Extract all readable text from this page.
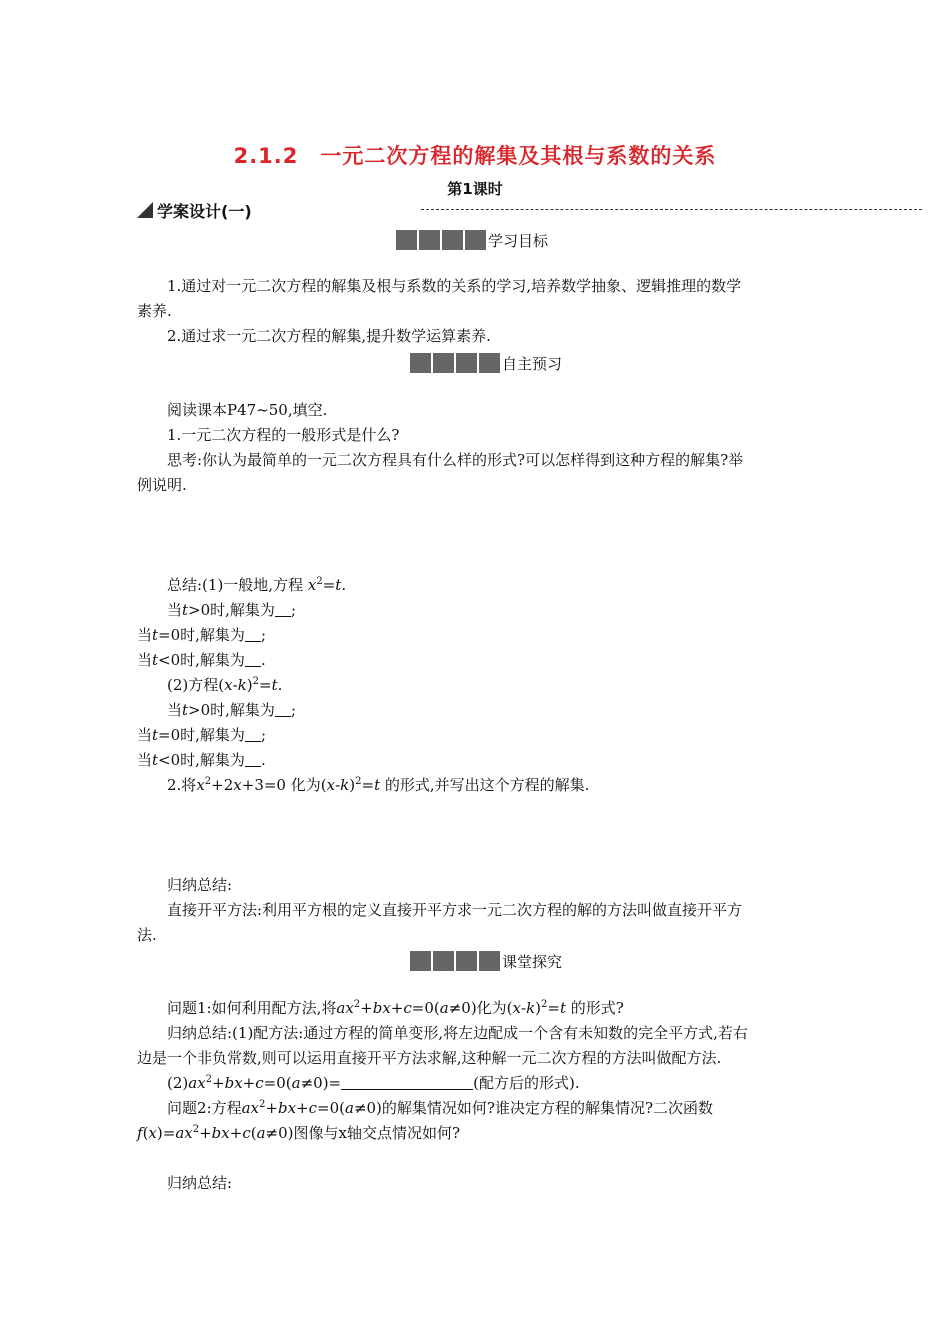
2.1.2　一元二次方程的解集及其根与系数的关系
第1课时
学案设计(一)
学习目标
1.通过对一元二次方程的解集及根与系数的关系的学习,培养数学抽象、逻辑推理的数学
素养.
2.通过求一元二次方程的解集,提升数学运算素养.
自主预习
阅读课本P47~50,填空.
1.一元二次方程的一般形式是什么?
思考:你认为最简单的一元二次方程具有什么样的形式?可以怎样得到这种方程的解集?举
例说明.
总结:(1)一般地,方程 $x^2=t$.
当t>0时,解集为 ;
当t=0时,解集为 ;
当t<0时,解集为 .
(2)方程$(x-k)^2=t$.
当t>0时,解集为 ;
当t=0时,解集为 ;
当t<0时,解集为 .
2.将$x^2+2x+3=0$ 化为$(x-k)^2=t$ 的形式,并写出这个方程的解集.
归纳总结:
直接开平方法:利用平方根的定义直接开平方求一元二次方程的解的方法叫做直接开平方
法.
课堂探究
问题1:如何利用配方法,将$ax^2+bx+c=0(a\ne 0)$化为$(x-k)^2=t$ 的形式?
归纳总结:(1)配方法:通过方程的简单变形,将左边配成一个含有未知数的完全平方式,若右
边是一个非负常数,则可以运用直接开平方法求解,这种解一元二次方程的方法叫做配方法.
$(2)ax^2+bx+c=0(a\ne 0)=$	(配方后的形式).
问题2:方程$ax^2+bx+c=0(a\ne 0)$的解集情况如何?谁决定方程的解集情况?二次函数
$f(x)=ax^2+bx+c(a\ne 0)$图像与x轴交点情况如何?
归纳总结:
